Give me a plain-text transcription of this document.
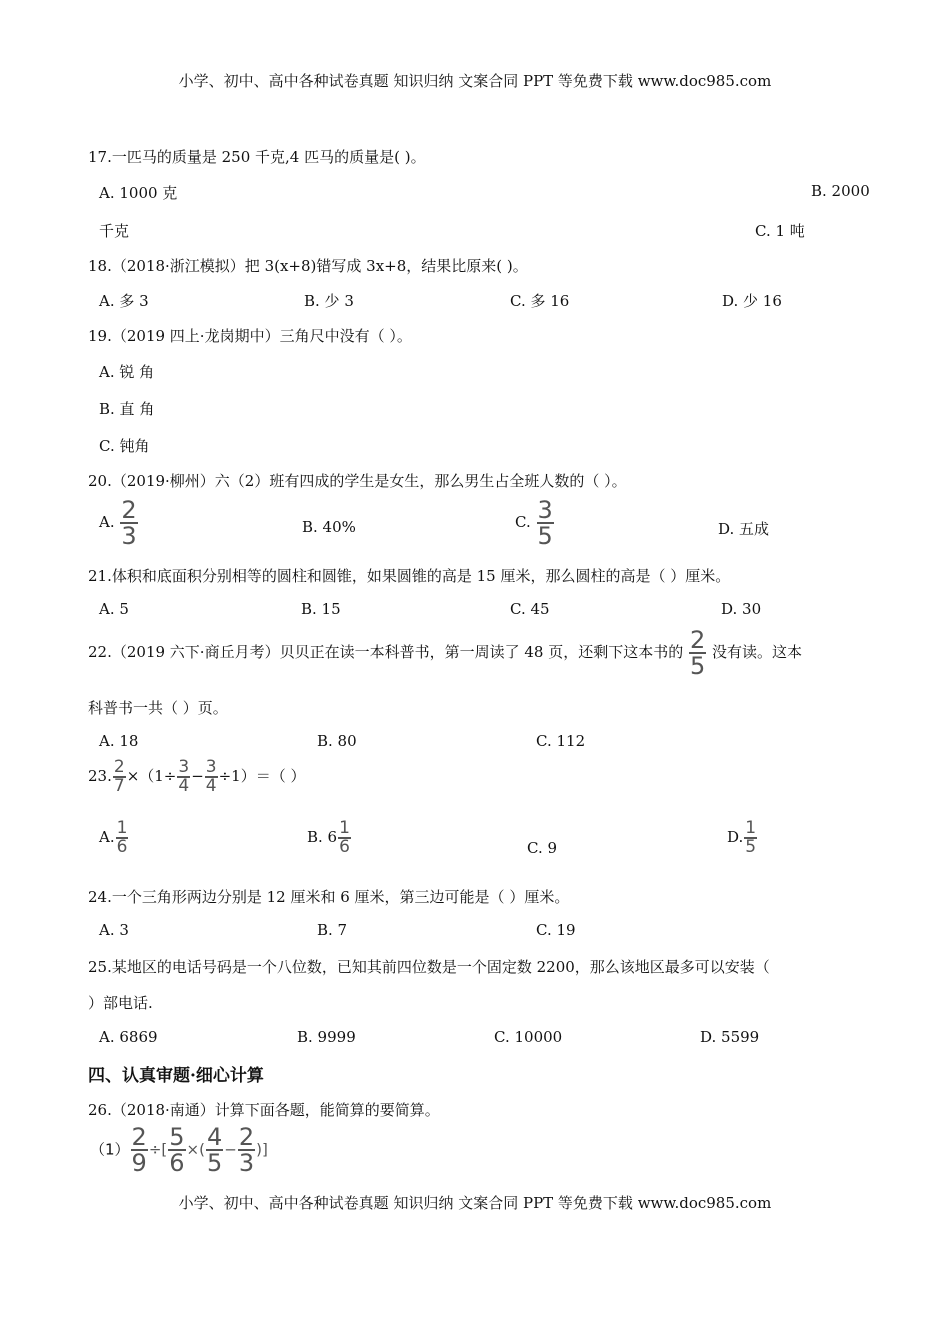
小学、初中、高中各种试卷真题 知识归纳 文案合同 PPT 等免费下载 www.doc985.com
17.一匹马的质量是 250 千克,4 匹马的质量是( )。
A. 1000 克	B. 2000
千克	C. 1 吨
18.（2018·浙江模拟）把 3(x+8)错写成 3x+8，结果比原来( )。
A. 多 3	B. 少 3	C. 多 16	D. 少 16
19.（2019 四上·龙岗期中）三角尺中没有（ ）。
A. 锐 角
B. 直 角
C. 钝角
20.（2019·柳州）六（2）班有四成的学生是女生，那么男生占全班人数的（ ）。
A. $\frac{2}{3}$	B. 40%	C. $\frac{3}{5}$	D. 五成
21.体积和底面积分别相等的圆柱和圆锥，如果圆锥的高是 15 厘米，那么圆柱的高是（ ）厘米。
A. 5	B. 15	C. 45	D. 30
22.（2019 六下·商丘月考）贝贝正在读一本科普书，第一周读了 48 页，还剩下这本书的 $\frac{2}{5}$ 没有读。这本
科普书一共（ ）页。
A. 18	B. 80	C. 112
23. $\frac{2}{7} \times(1\div \frac{3}{4} - \frac{3}{4} \div 1)=$（ ）
A. $\frac{1}{6}$	B. $6 \frac{1}{6}$	C. 9
D. $\frac{1}{5}$
24.一个三角形两边分别是 12 厘米和 6 厘米，第三边可能是（ ）厘米。
A. 3	B. 7	C. 19
25.某地区的电话号码是一个八位数，已知其前四位数是一个固定数 2200，那么该地区最多可以安装（
）部电话.
A. 6869	B. 9999	C. 10000	D. 5599
四、认真审题·细心计算
26.（2018·南通）计算下面各题，能简算的要简算。
$(1) \frac{2}{9}$ ÷[ $\frac{5}{6}$ ×( $\frac{4}{5} - \frac{2}{3}$ )]
小学、初中、高中各种试卷真题 知识归纳 文案合同 PPT 等免费下载 www.doc985.com
